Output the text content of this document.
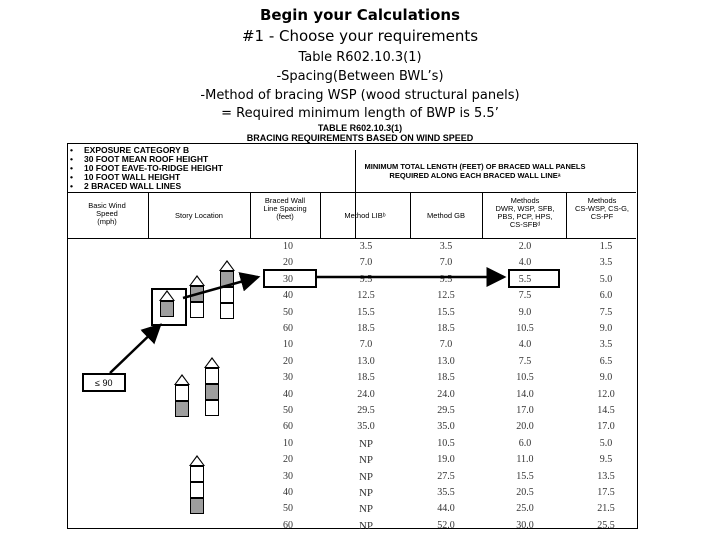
Begin your Calculations
#1 - Choose your requirements
Table R602.10.3(1)
-Spacing(Between BWL’s)
-Method of bracing WSP (wood structural panels)
= Required minimum length of BWP is 5.5’
TABLE R602.10.3(1)
BRACING REQUIREMENTS BASED ON WIND SPEED
• EXPOSURE CATEGORY B
• 30 FOOT MEAN ROOF HEIGHT
• 10 FOOT EAVE-TO-RIDGE HEIGHT
• 10 FOOT WALL HEIGHT
• 2 BRACED WALL LINES
MINIMUM TOTAL LENGTH (FEET) OF BRACED WALL PANELS
REQUIRED ALONG EACH BRACED WALL LINEᵃ
Basic Wind
Speed
(mph)
Story Location
Braced Wall
Line Spacing
(feet)	Method LIBᵇ	Method GB
Methods
DWR, WSP, SFB,
PBS, PCP, HPS,
CS-SFBᵈ
Methods
CS-WSP, CS-G,
CS-PF
10	3.5	3.5	2.0	1.5
20	7.0	7.0	4.0	3.5
30	9.5	9.5	5.5	5.0
40	12.5	12.5	7.5	6.0
50	15.5	15.5	9.0	7.5
60	18.5	18.5	10.5	9.0
10	7.0	7.0	4.0	3.5
20	13.0	13.0	7.5	6.5
30	18.5	18.5	10.5	9.0
40	24.0	24.0	14.0	12.0
50	29.5	29.5	17.0	14.5
60	35.0	35.0	20.0	17.0
10	NP	10.5	6.0	5.0
20	NP	19.0	11.0	9.5
30	NP	27.5	15.5	13.5
40	NP	35.5	20.5	17.5
50	NP	44.0	25.0	21.5
60	NP	52.0	30.0	25.5
≤ 90
